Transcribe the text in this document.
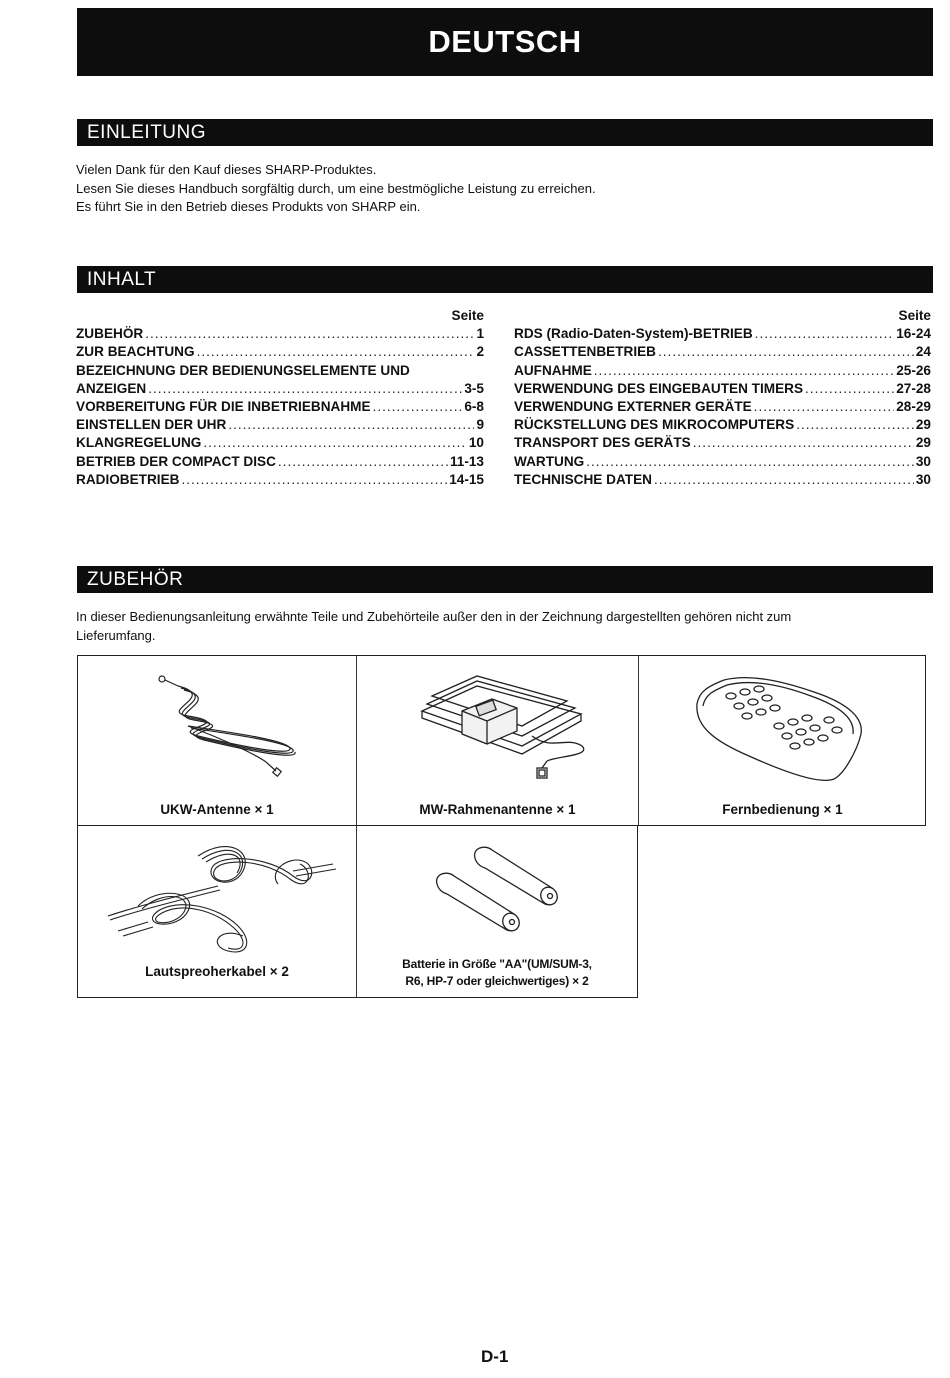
DEUTSCH
EINLEITUNG
Vielen Dank für den Kauf dieses SHARP-Produktes.
Lesen Sie dieses Handbuch sorgfältig durch, um eine bestmögliche Leistung zu erreichen.
Es führt Sie in den Betrieb dieses Produkts von SHARP ein.
INHALT
Seite
ZUBEHÖR .....	1
ZUR BEACHTUNG .....	2
BEZEICHNUNG DER BEDIENUNGSELEMENTE UND
ANZEIGEN .....	3-5
VORBEREITUNG FÜR DIE INBETRIEBNAHME .....	6-8
EINSTELLEN DER UHR .....	9
KLANGREGELUNG .....	10
BETRIEB DER COMPACT DISC .....	11-13
RADIOBETRIEB .....	14-15
Seite
RDS (Radio-Daten-System)-BETRIEB .....	16-24
CASSETTENBETRIEB .....	24
AUFNAHME .....	25-26
VERWENDUNG DES EINGEBAUTEN TIMERS .....	27-28
VERWENDUNG EXTERNER GERÄTE .....	28-29
RÜCKSTELLUNG DES MIKROCOMPUTERS .....	29
TRANSPORT DES GERÄTS .....	29
WARTUNG .....	30
TECHNISCHE DATEN .....	30
ZUBEHÖR
In dieser Bedienungsanleitung erwähnte Teile und Zubehörteile außer den in der Zeichnung dargestellten gehören nicht zum
Lieferumfang.
UKW-Antenne × 1	MW-Rahmenantenne × 1	Fernbedienung × 1
Lautspreoherkabel × 2	Batterie in Größe "AA"(UM/SUM-3,
R6, HP-7 oder gleichwertiges) × 2
D-1
